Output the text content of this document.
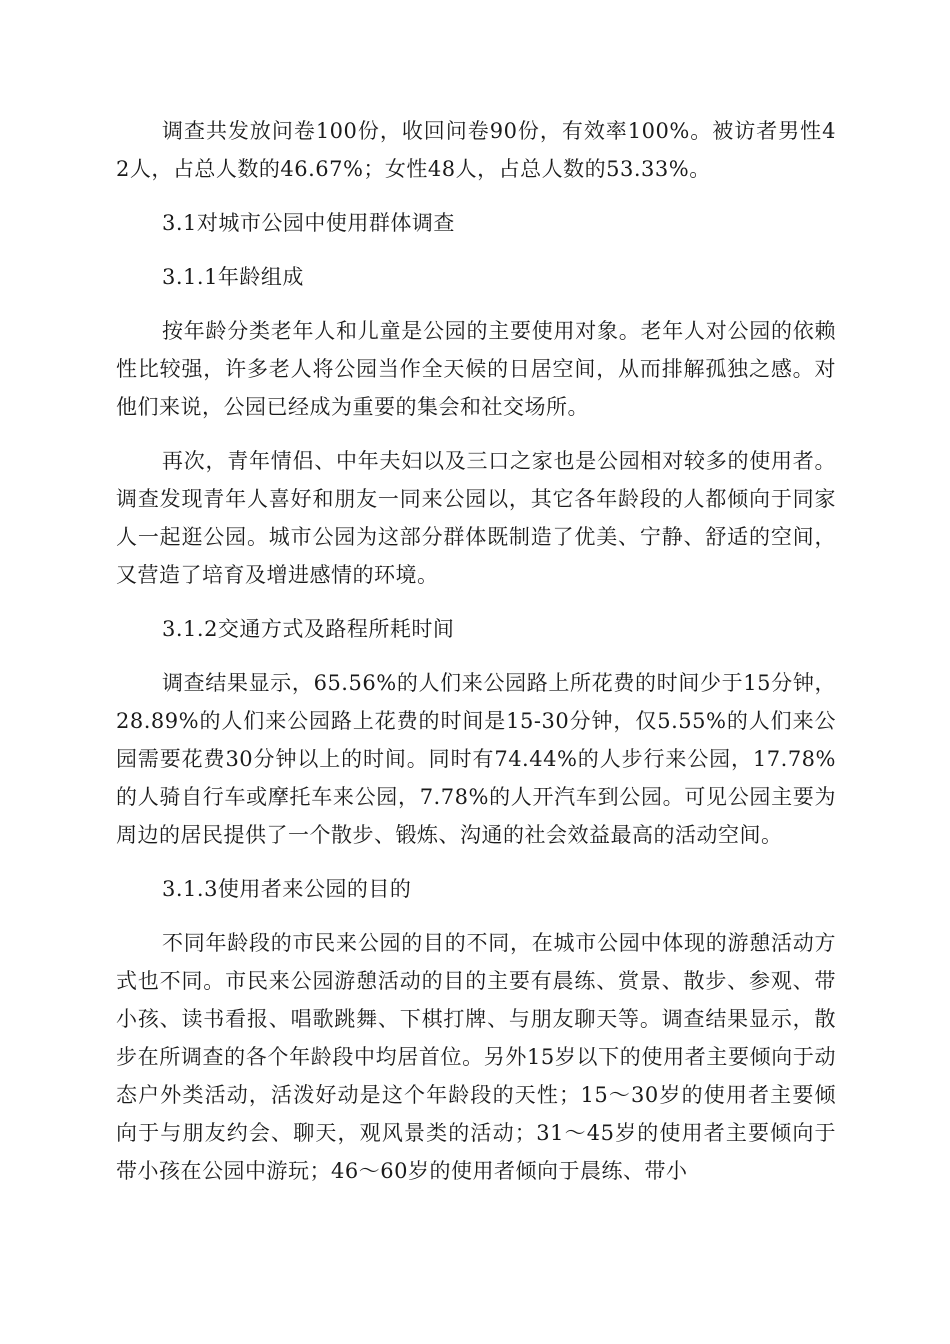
调查共发放问卷100份，收回问卷90份，有效率100%。被访者男性42人，占总人数的46.67%；女性48人，占总人数的53.33%。

3.1对城市公园中使用群体调查

3.1.1年龄组成

按年龄分类老年人和儿童是公园的主要使用对象。老年人对公园的依赖性比较强，许多老人将公园当作全天候的日居空间，从而排解孤独之感。对他们来说，公园已经成为重要的集会和社交场所。

再次，青年情侣、中年夫妇以及三口之家也是公园相对较多的使用者。调查发现青年人喜好和朋友一同来公园以，其它各年龄段的人都倾向于同家人一起逛公园。城市公园为这部分群体既制造了优美、宁静、舒适的空间，又营造了培育及增进感情的环境。

3.1.2交通方式及路程所耗时间

调查结果显示，65.56%的人们来公园路上所花费的时间少于15分钟，28.89%的人们来公园路上花费的时间是15-30分钟，仅5.55%的人们来公园需要花费30分钟以上的时间。同时有74.44%的人步行来公园，17.78%的人骑自行车或摩托车来公园，7.78%的人开汽车到公园。可见公园主要为周边的居民提供了一个散步、锻炼、沟通的社会效益最高的活动空间。

3.1.3使用者来公园的目的

不同年龄段的市民来公园的目的不同，在城市公园中体现的游憩活动方式也不同。市民来公园游憩活动的目的主要有晨练、赏景、散步、参观、带小孩、读书看报、唱歌跳舞、下棋打牌、与朋友聊天等。调查结果显示，散步在所调查的各个年龄段中均居首位。另外15岁以下的使用者主要倾向于动态户外类活动，活泼好动是这个年龄段的天性；15～30岁的使用者主要倾向于与朋友约会、聊天，观风景类的活动；31～45岁的使用者主要倾向于带小孩在公园中游玩；46～60岁的使用者倾向于晨练、带小
